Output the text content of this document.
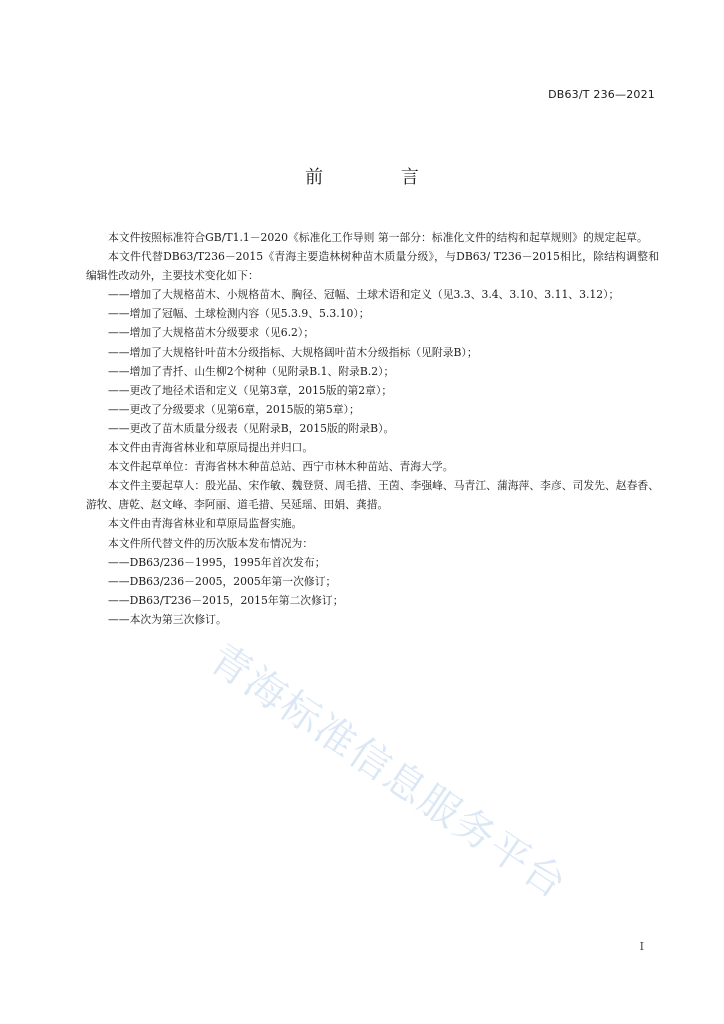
DB63/T 236—2021
前 言

本文件按照标准符合GB/T1.1－2020《标准化工作导则 第一部分：标准化文件的结构和起草规则》的规定起草。

本文件代替DB63/T236－2015《青海主要造林树种苗木质量分级》，与DB63/ T236－2015相比，除结构调整和编辑性改动外，主要技术变化如下：

——增加了大规格苗木、小规格苗木、胸径、冠幅、土球术语和定义（见3.3、3.4、3.10、3.11、3.12）；

——增加了冠幅、土球检测内容（见5.3.9、5.3.10）；

——增加了大规格苗木分级要求（见6.2）；

——增加了大规格针叶苗木分级指标、大规格阔叶苗木分级指标（见附录B）；

——增加了青扦、山生柳2个树种（见附录B.1、附录B.2）；

——更改了地径术语和定义（见第3章，2015版的第2章）；

——更改了分级要求（见第6章，2015版的第5章）；

——更改了苗木质量分级表（见附录B，2015版的附录B）。

本文件由青海省林业和草原局提出并归口。

本文件起草单位：青海省林木种苗总站、西宁市林木种苗站、青海大学。

本文件主要起草人：殷光晶、宋作敏、魏登贤、周毛措、王茵、李强峰、马青江、蒲海萍、李彦、司发先、赵春香、游牧、唐乾、赵文峰、李阿丽、道毛措、吴延瑶、田娟、龚措。

本文件由青海省林业和草原局监督实施。

本文件所代替文件的历次版本发布情况为：

——DB63/236－1995，1995年首次发布；

——DB63/236－2005，2005年第一次修订；

——DB63/T236－2015，2015年第二次修订；

——本次为第三次修订。

青海标准信息服务平台
I
